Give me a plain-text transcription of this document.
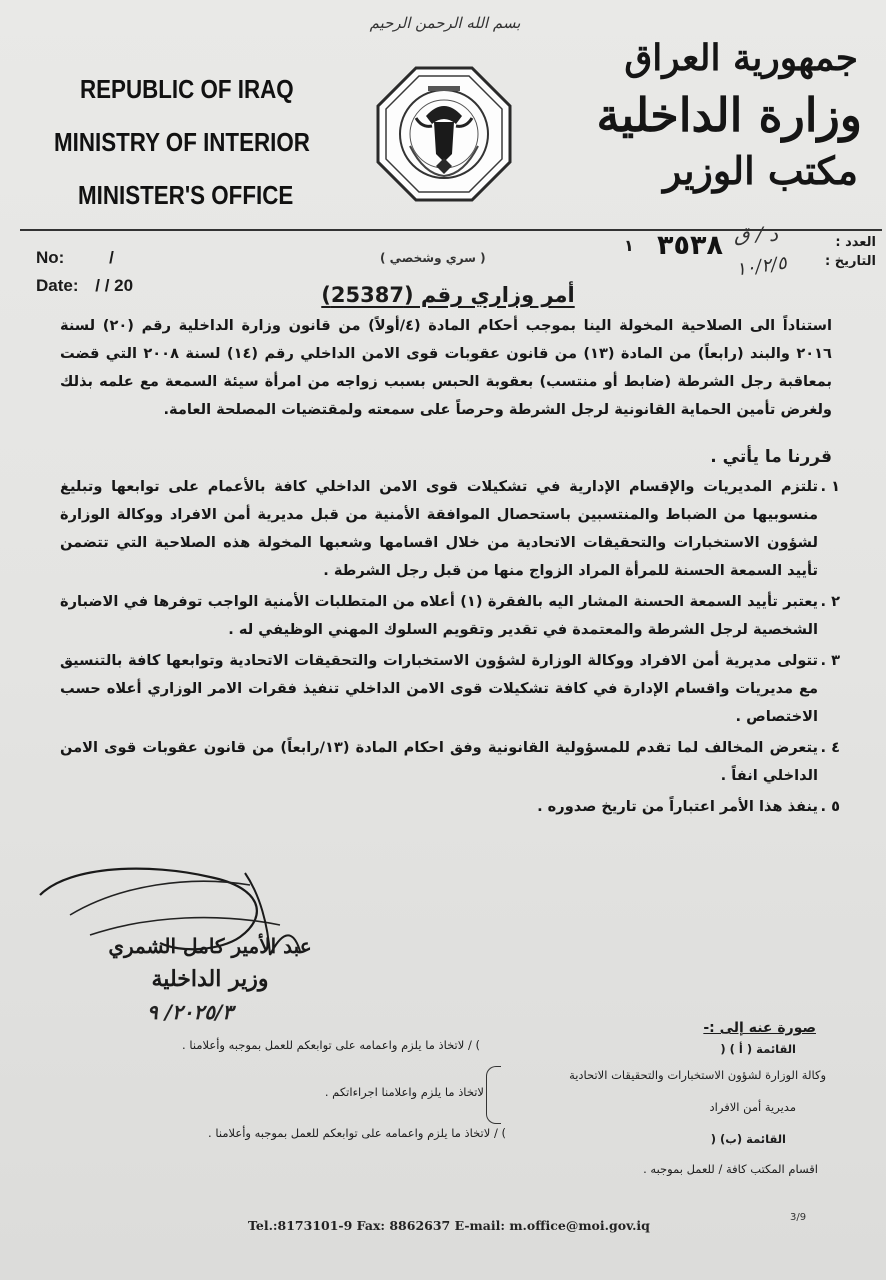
بسم الله الرحمن الرحيم
REPUBLIC OF IRAQ
MINISTRY OF INTERIOR
MINISTER'S OFFICE
جمهورية العراق
وزارة الداخلية
مكتب الوزير
No:	/
Date: / / 20
العدد :
التاريخ :
د / ق
٣٥٣٨
١
١٠/٢/٥
( سري وشخصي )
أمر وزاري رقم (25387)
استناداً الى الصلاحية المخولة الينا بموجب أحكام المادة (٤/أولاً) من قانون وزارة الداخلية رقم (٢٠) لسنة ٢٠١٦ والبند (رابعاً) من المادة (١٣) من قانون عقوبات قوى الامن الداخلي رقم (١٤) لسنة ٢٠٠٨ التي قضت بمعاقبة رجل الشرطة (ضابط أو منتسب) بعقوبة الحبس بسبب زواجه من امرأة سيئة السمعة مع علمه بذلك ولغرض تأمين الحماية القانونية لرجل الشرطة وحرصاً على سمعته ولمقتضيات المصلحة العامة.
قررنا ما يأتي .
١ .
تلتزم المديريات والإقسام الإدارية في تشكيلات قوى الامن الداخلي كافة بالأعمام على توابعها وتبليغ منسوبيها من الضباط والمنتسبين باستحصال الموافقة الأمنية من قبل مديرية أمن الافراد ووكالة الوزارة لشؤون الاستخبارات والتحقيقات الاتحادية من خلال اقسامها وشعبها المخولة هذه الصلاحية التي تتضمن تأييد السمعة الحسنة للمرأة المراد الزواج منها من قبل رجل الشرطة .
٢ .
يعتبر تأييد السمعة الحسنة المشار اليه بالفقرة (١) أعلاه من المتطلبات الأمنية الواجب توفرها في الاضبارة الشخصية لرجل الشرطة والمعتمدة في تقدير وتقويم السلوك المهني الوظيفي له .
٣ .
تتولى مديرية أمن الافراد ووكالة الوزارة لشؤون الاستخبارات والتحقيقات الاتحادية وتوابعها كافة بالتنسيق مع مديريات واقسام الإدارة في كافة تشكيلات قوى الامن الداخلي تنفيذ فقرات الامر الوزاري أعلاه حسب الاختصاص .
٤ .
يتعرض المخالف لما تقدم للمسؤولية القانونية وفق احكام المادة (١٣/رابعاً) من قانون عقوبات قوى الامن الداخلي انفاً .
٥ .
ينفذ هذا الأمر اعتباراً من تاريخ صدوره .
عبد الأمير كامل الشمري
وزير الداخلية
٢٠٢٥/٣/ ٩
صورة عنه إلى :-
القائمة ( أ ) (
) / لاتخاذ ما يلزم واعمامه على توابعكم للعمل بموجبه وأعلامنا .
وكالة الوزارة لشؤون الاستخبارات والتحقيقات الاتحادية
مديرية أمن الافراد
لاتخاذ ما يلزم واعلامنا اجراءاتكم .
القائمة (ب) (
) / لاتخاذ ما يلزم واعمامه على توابعكم للعمل بموجبه وأعلامنا .
اقسام المكتب كافة / للعمل بموجبه .
Tel.:8173101-9 Fax: 8862637 E-mail: m.office@moi.gov.iq
3/9
